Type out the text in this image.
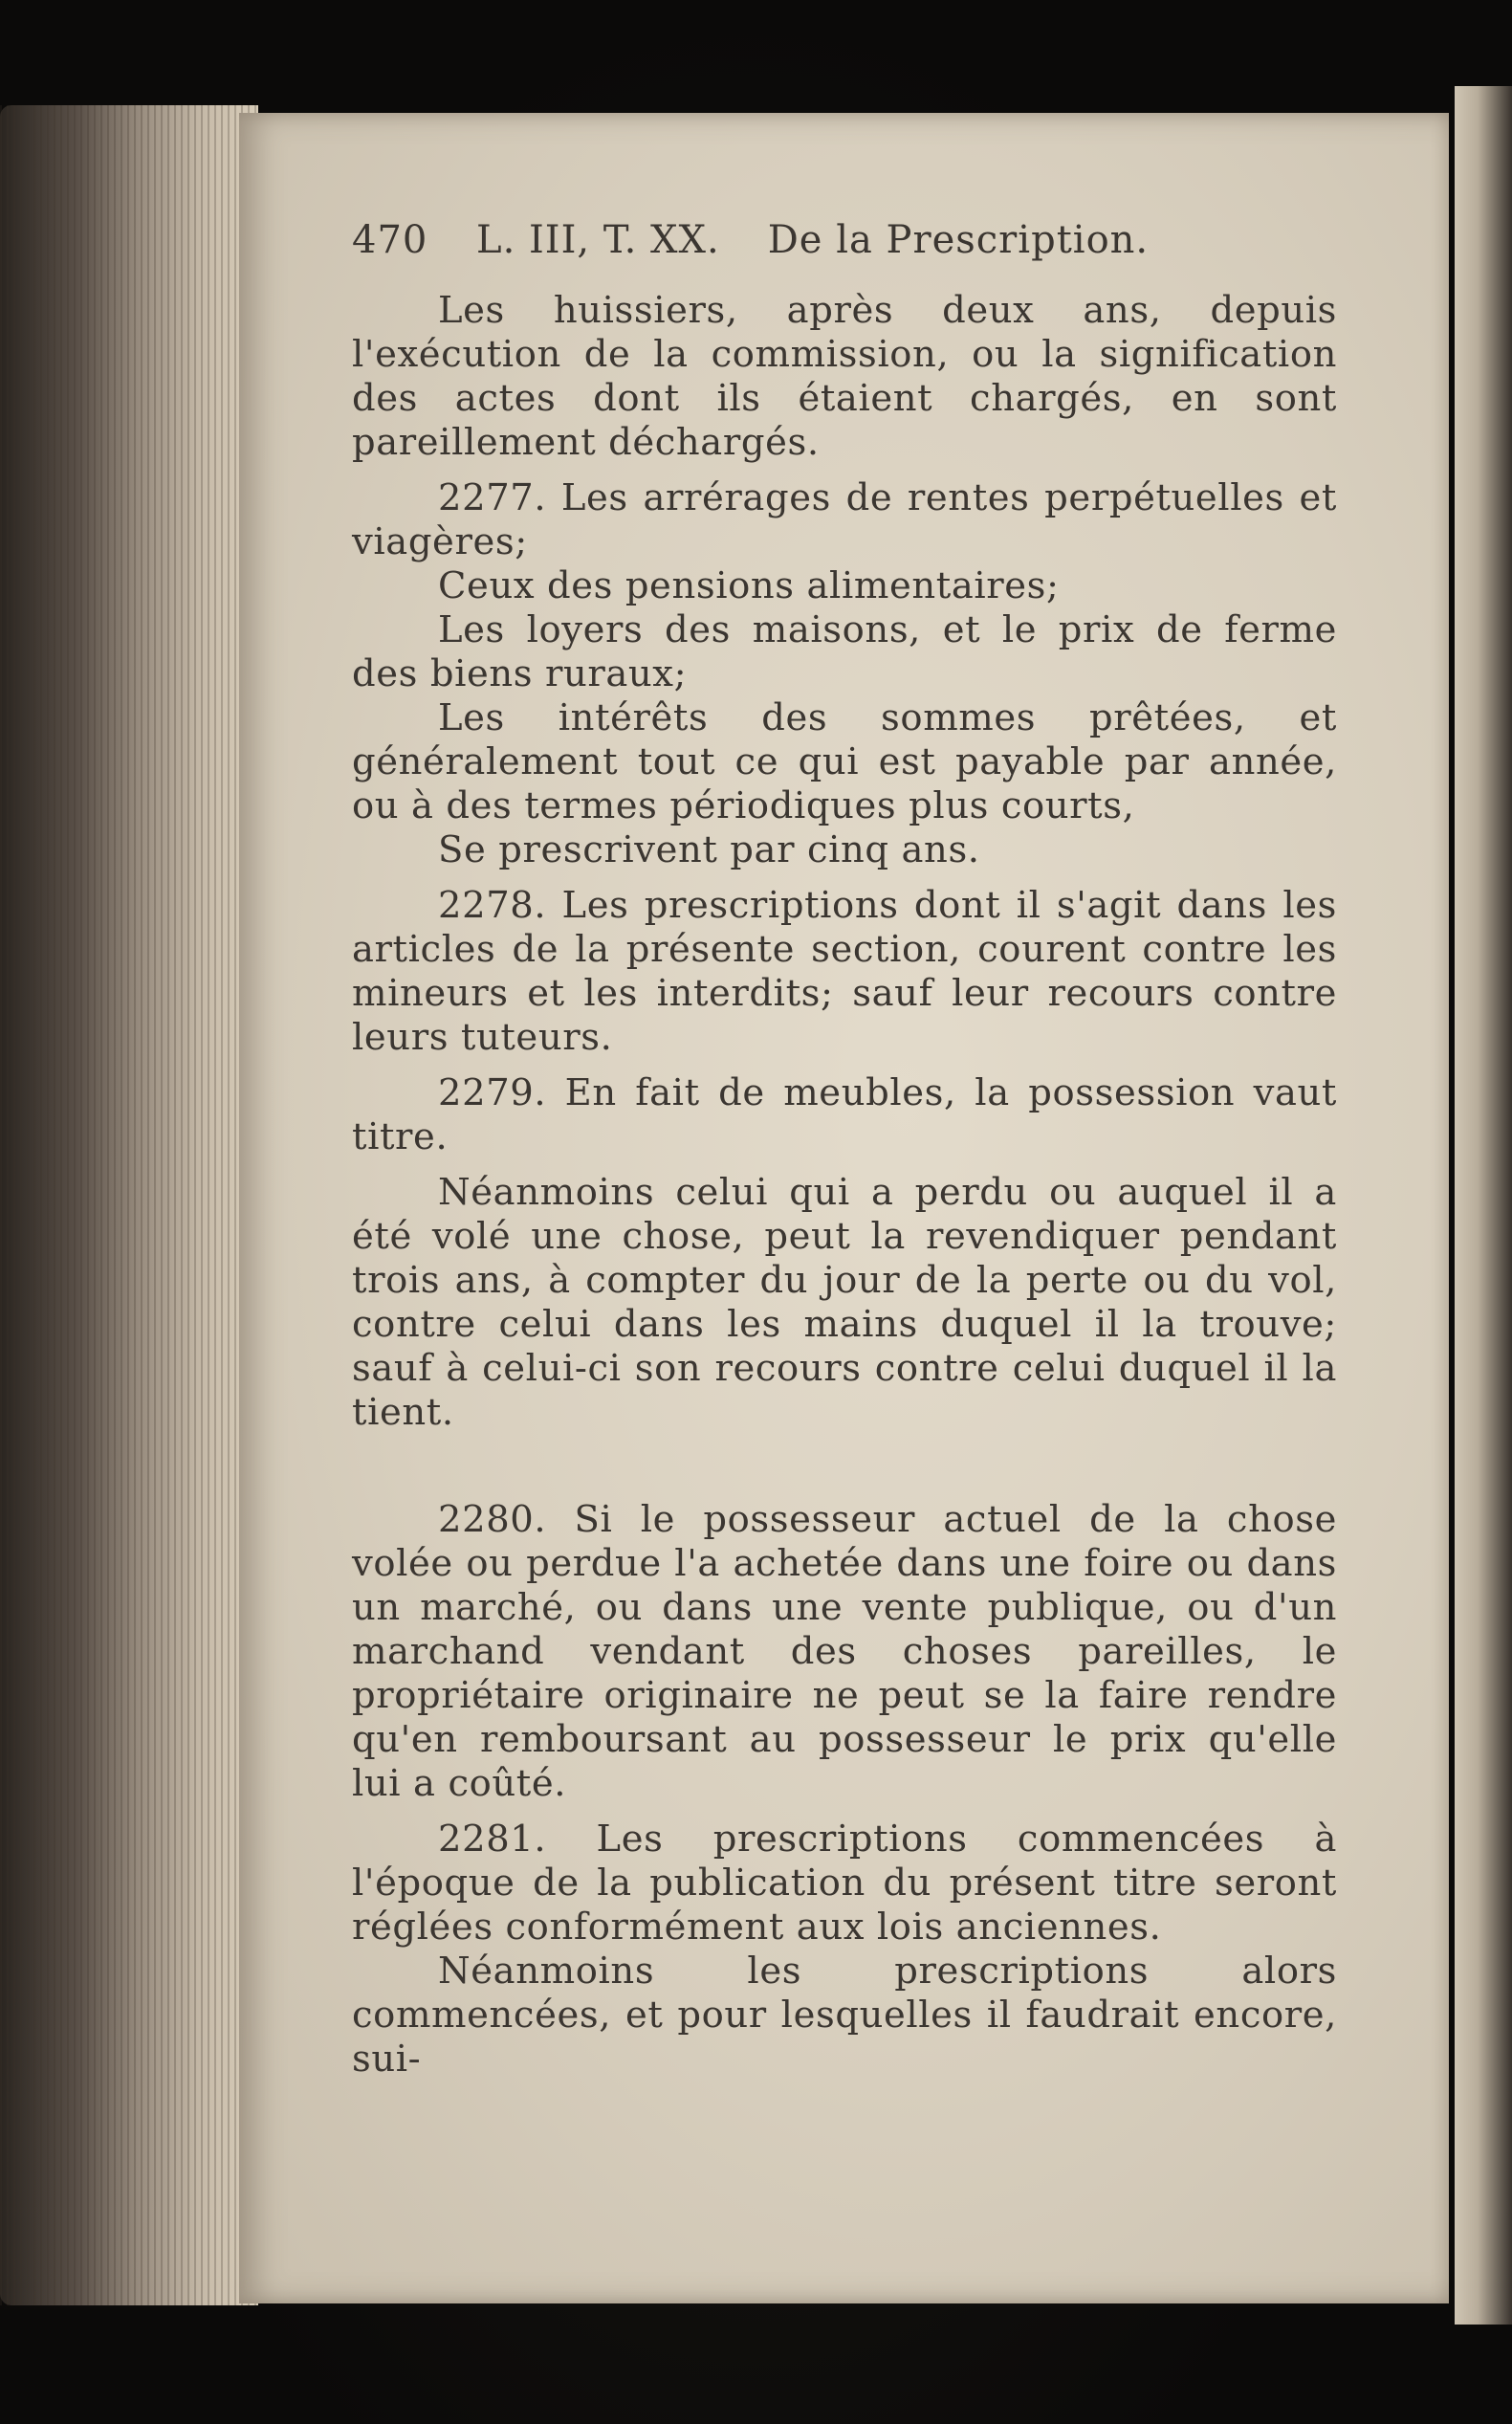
470 L. III, T. XX. De la Prescription.

Les huissiers, après deux ans, depuis l'exécution de la commission, ou la signification des actes dont ils étaient chargés, en sont pareillement déchargés.

2277. Les arrérages de rentes perpétuelles et viagères;

Ceux des pensions alimentaires;

Les loyers des maisons, et le prix de ferme des biens ruraux;

Les intérêts des sommes prêtées, et généralement tout ce qui est payable par année, ou à des termes périodiques plus courts,

Se prescrivent par cinq ans.

2278. Les prescriptions dont il s'agit dans les articles de la présente section, courent contre les mineurs et les interdits; sauf leur recours contre leurs tuteurs.

2279. En fait de meubles, la possession vaut titre.

Néanmoins celui qui a perdu ou auquel il a été volé une chose, peut la revendiquer pendant trois ans, à compter du jour de la perte ou du vol, contre celui dans les mains duquel il la trouve; sauf à celui-ci son recours contre celui duquel il la tient.

2280. Si le possesseur actuel de la chose volée ou perdue l'a achetée dans une foire ou dans un marché, ou dans une vente publique, ou d'un marchand vendant des choses pareilles, le propriétaire originaire ne peut se la faire rendre qu'en remboursant au possesseur le prix qu'elle lui a coûté.

2281. Les prescriptions commencées à l'époque de la publication du présent titre seront réglées conformément aux lois anciennes.

Néanmoins les prescriptions alors commencées, et pour lesquelles il faudrait encore, sui-
